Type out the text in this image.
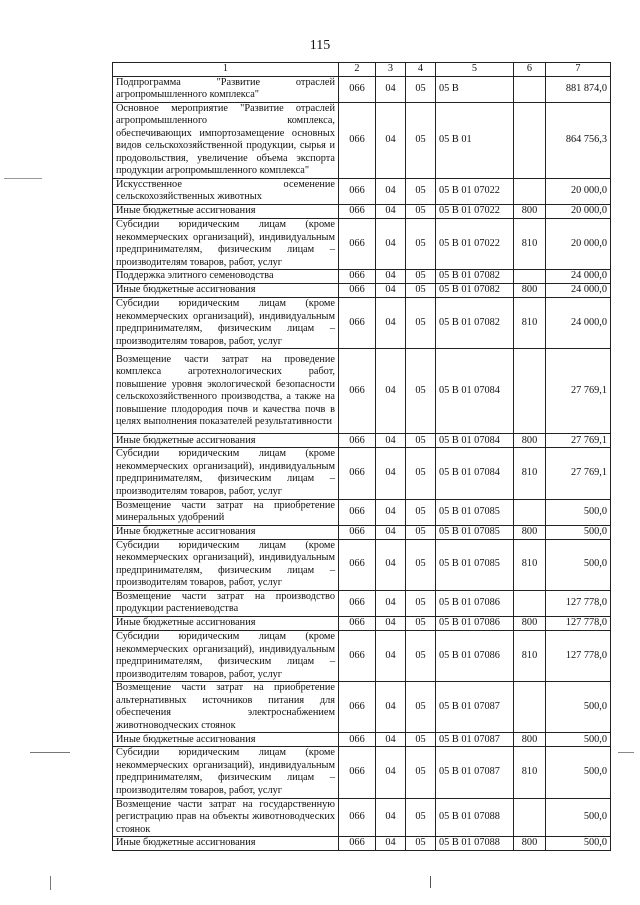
115
1	2	3	4	5	6	7
Подпрограмма "Развитие отраслей агропромышленного комплекса"	066	04	05	05 В		881 874,0
Основное мероприятие "Развитие отраслей агропромышленного комплекса, обеспечивающих импортозамещение основных видов сельскохозяйственной продукции, сырья и продовольствия, увеличение объема экспорта продукции агропромышленного комплекса"	066	04	05	05 В 01		864 756,3
Искусственное осеменение сельскохозяйственных животных	066	04	05	05 В 01 07022		20 000,0
Иные бюджетные ассигнования	066	04	05	05 В 01 07022	800	20 000,0
Субсидии юридическим лицам (кроме некоммерческих организаций), индивидуальным предпринимателям, физическим лицам – производителям товаров, работ, услуг	066	04	05	05 В 01 07022	810	20 000,0
Поддержка элитного семеноводства	066	04	05	05 В 01 07082		24 000,0
Иные бюджетные ассигнования	066	04	05	05 В 01 07082	800	24 000,0
Субсидии юридическим лицам (кроме некоммерческих организаций), индивидуальным предпринимателям, физическим лицам – производителям товаров, работ, услуг	066	04	05	05 В 01 07082	810	24 000,0
Возмещение части затрат на проведение комплекса агротехнологических работ, повышение уровня экологической безопасности сельскохозяйственного производства, а также на повышение плодородия почв и качества почв в целях выполнения показателей результативности	066	04	05	05 В 01 07084		27 769,1
Иные бюджетные ассигнования	066	04	05	05 В 01 07084	800	27 769,1
Субсидии юридическим лицам (кроме некоммерческих организаций), индивидуальным предпринимателям, физическим лицам – производителям товаров, работ, услуг	066	04	05	05 В 01 07084	810	27 769,1
Возмещение части затрат на приобретение минеральных удобрений	066	04	05	05 В 01 07085		500,0
Иные бюджетные ассигнования	066	04	05	05 В 01 07085	800	500,0
Субсидии юридическим лицам (кроме некоммерческих организаций), индивидуальным предпринимателям, физическим лицам – производителям товаров, работ, услуг	066	04	05	05 В 01 07085	810	500,0
Возмещение части затрат на производство продукции растениеводства	066	04	05	05 В 01 07086		127 778,0
Иные бюджетные ассигнования	066	04	05	05 В 01 07086	800	127 778,0
Субсидии юридическим лицам (кроме некоммерческих организаций), индивидуальным предпринимателям, физическим лицам – производителям товаров, работ, услуг	066	04	05	05 В 01 07086	810	127 778,0
Возмещение части затрат на приобретение альтернативных источников питания для обеспечения электроснабжением животноводческих стоянок	066	04	05	05 В 01 07087		500,0
Иные бюджетные ассигнования	066	04	05	05 В 01 07087	800	500,0
Субсидии юридическим лицам (кроме некоммерческих организаций), индивидуальным предпринимателям, физическим лицам – производителям товаров, работ, услуг	066	04	05	05 В 01 07087	810	500,0
Возмещение части затрат на государственную регистрацию прав на объекты животноводческих стоянок	066	04	05	05 В 01 07088		500,0
Иные бюджетные ассигнования	066	04	05	05 В 01 07088	800	500,0
